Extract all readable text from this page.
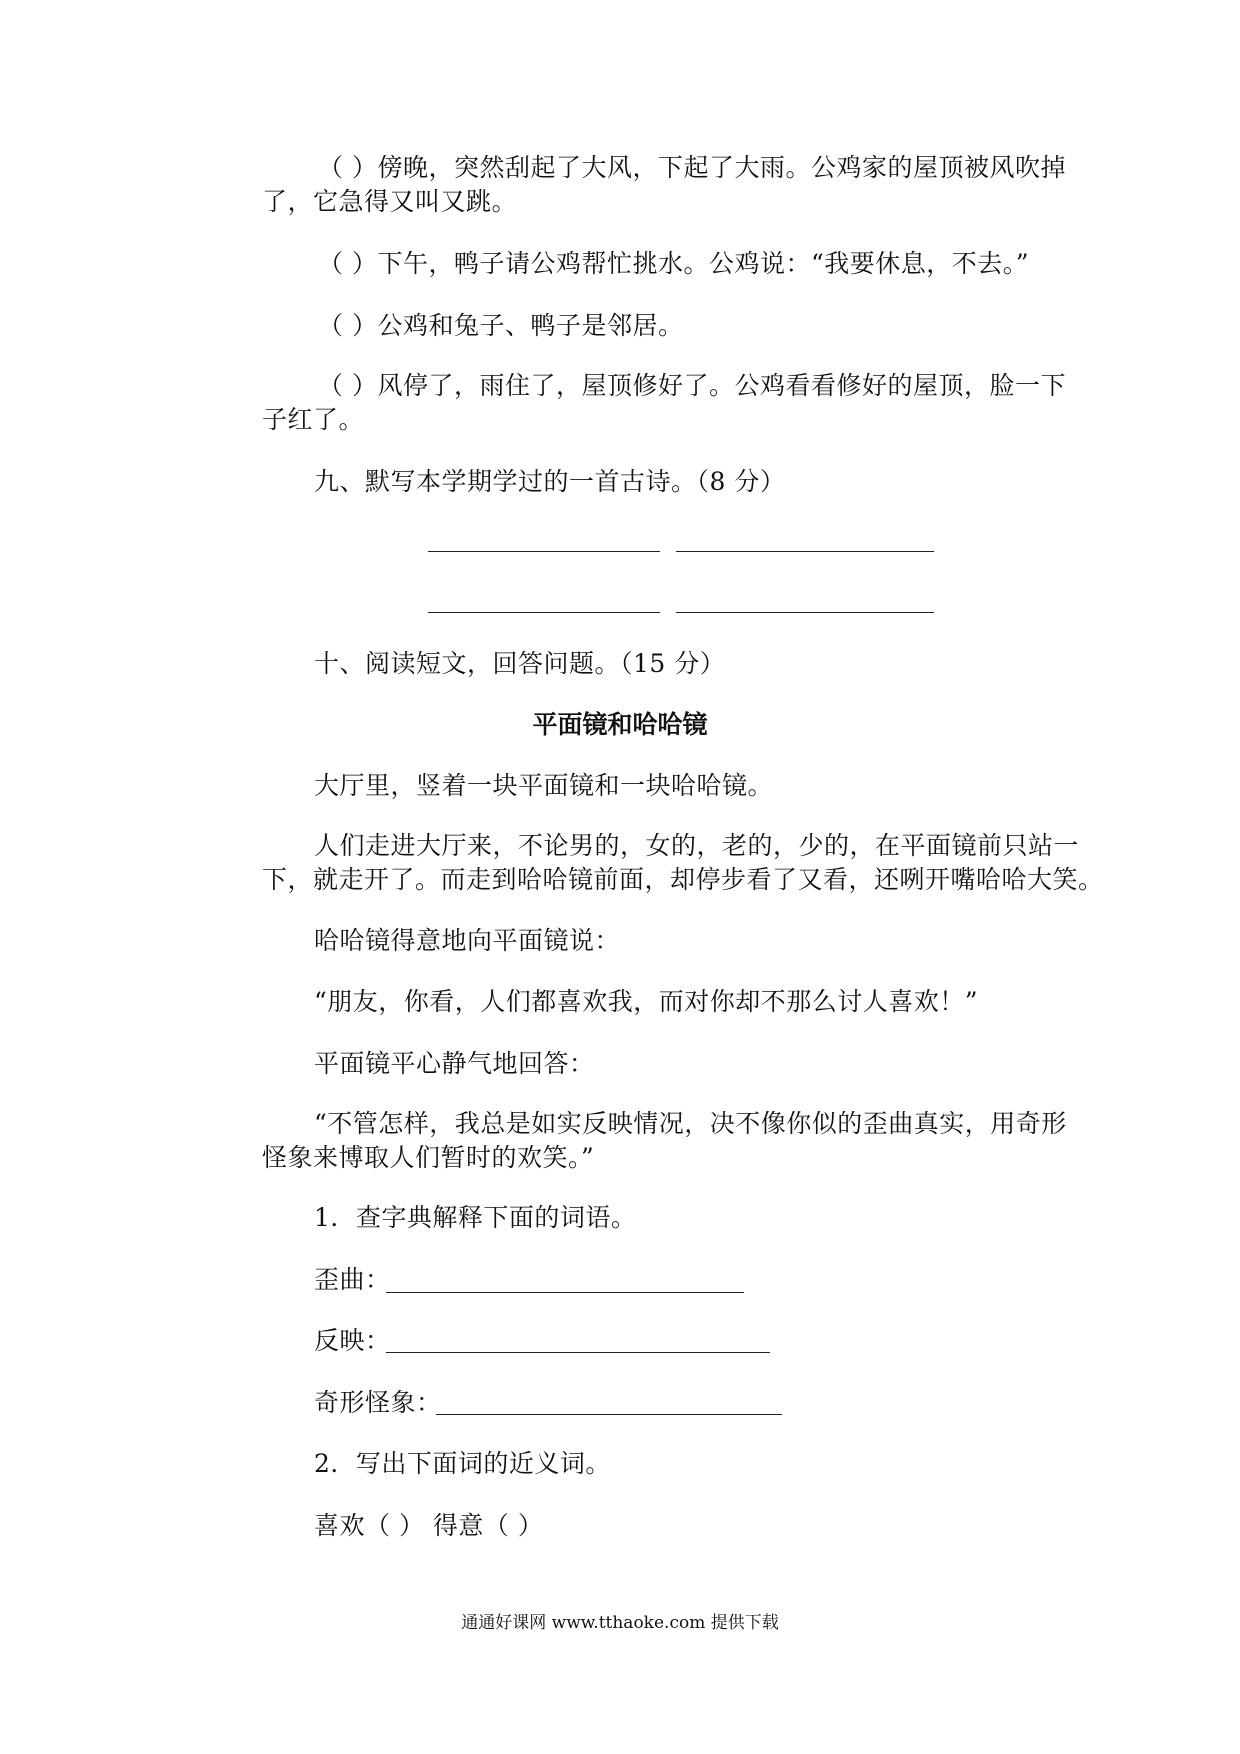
（ ）傍晚，突然刮起了大风，下起了大雨。公鸡家的屋顶被风吹掉
了，它急得又叫又跳。
（ ）下午，鸭子请公鸡帮忙挑水。公鸡说：“我要休息，不去。”
（ ）公鸡和兔子、鸭子是邻居。
（ ）风停了，雨住了，屋顶修好了。公鸡看看修好的屋顶，脸一下
子红了。
九、默写本学期学过的一首古诗。（8 分）
十、阅读短文，回答问题。（15 分）
平面镜和哈哈镜
大厅里，竖着一块平面镜和一块哈哈镜。
人们走进大厅来，不论男的，女的，老的，少的，在平面镜前只站一
下，就走开了。而走到哈哈镜前面，却停步看了又看，还咧开嘴哈哈大笑。
哈哈镜得意地向平面镜说：
“朋友，你看，人们都喜欢我，而对你却不那么讨人喜欢！”
平面镜平心静气地回答：
“不管怎样，我总是如实反映情况，决不像你似的歪曲真实，用奇形
怪象来博取人们暂时的欢笑。”
1．查字典解释下面的词语。
歪曲：
反映：
奇形怪象：
2．写出下面词的近义词。
喜欢（ ） 得意（ ）
通通好课网 www.tthaoke.com 提供下载
